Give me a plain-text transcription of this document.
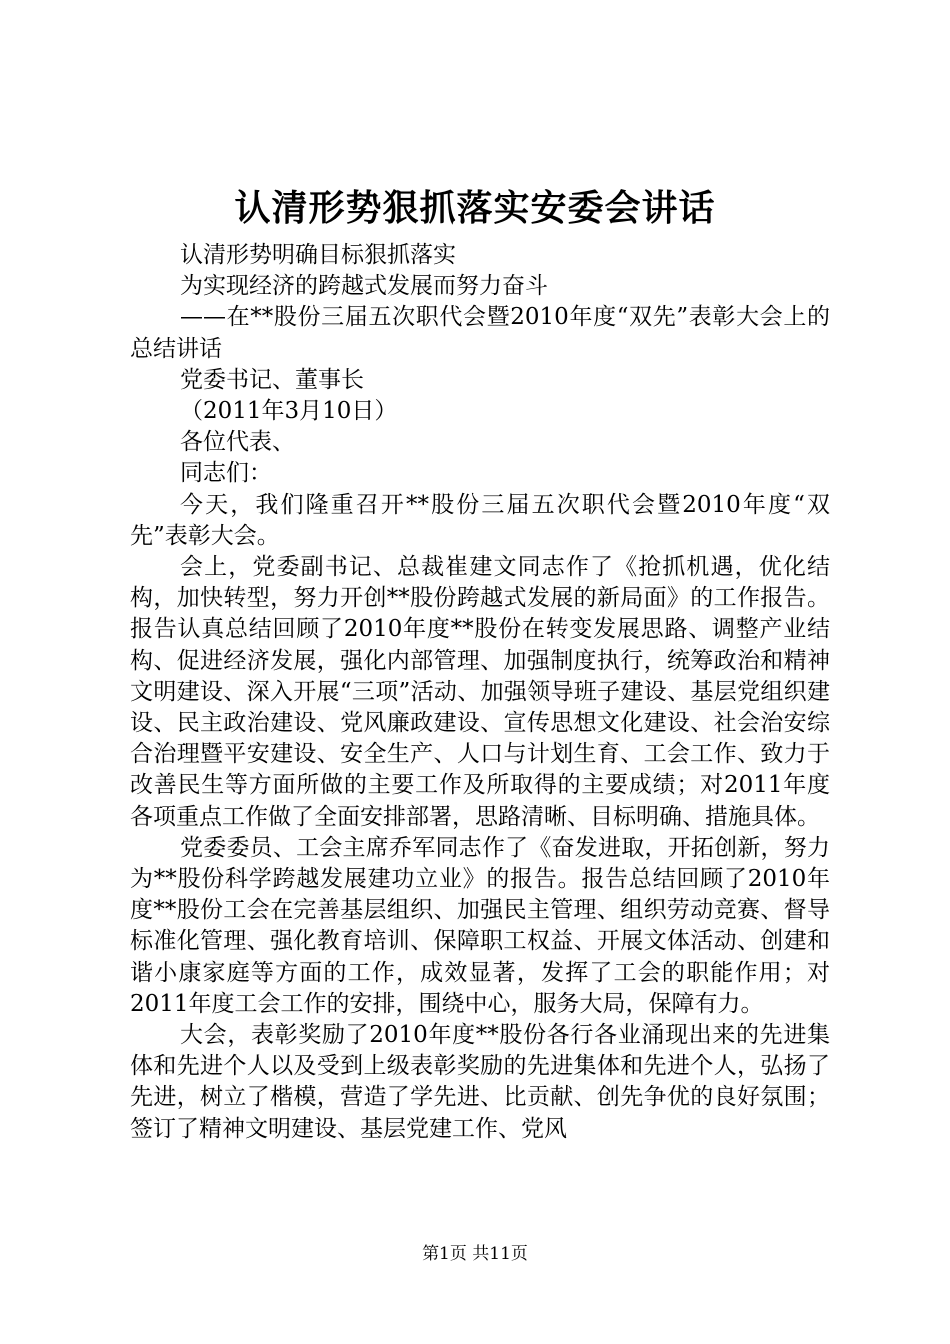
认清形势狠抓落实安委会讲话

认清形势明确目标狠抓落实

为实现经济的跨越式发展而努力奋斗

——在**股份三届五次职代会暨2010年度“双先”表彰大会上的总结讲话

党委书记、董事长

（2011年3月10日）

各位代表、

同志们：

今天，我们隆重召开**股份三届五次职代会暨2010年度“双先”表彰大会。

会上，党委副书记、总裁崔建文同志作了《抢抓机遇，优化结构，加快转型，努力开创**股份跨越式发展的新局面》的工作报告。报告认真总结回顾了2010年度**股份在转变发展思路、调整产业结构、促进经济发展，强化内部管理、加强制度执行，统筹政治和精神文明建设、深入开展“三项”活动、加强领导班子建设、基层党组织建设、民主政治建设、党风廉政建设、宣传思想文化建设、社会治安综合治理暨平安建设、安全生产、人口与计划生育、工会工作、致力于改善民生等方面所做的主要工作及所取得的主要成绩；对2011年度各项重点工作做了全面安排部署，思路清晰、目标明确、措施具体。

党委委员、工会主席乔军同志作了《奋发进取，开拓创新，努力为**股份科学跨越发展建功立业》的报告。报告总结回顾了2010年度**股份工会在完善基层组织、加强民主管理、组织劳动竞赛、督导标准化管理、强化教育培训、保障职工权益、开展文体活动、创建和谐小康家庭等方面的工作，成效显著，发挥了工会的职能作用；对2011年度工会工作的安排，围绕中心，服务大局，保障有力。

大会，表彰奖励了2010年度**股份各行各业涌现出来的先进集体和先进个人以及受到上级表彰奖励的先进集体和先进个人，弘扬了先进，树立了楷模，营造了学先进、比贡献、创先争优的良好氛围；签订了精神文明建设、基层党建工作、党风

第1页 共11页
